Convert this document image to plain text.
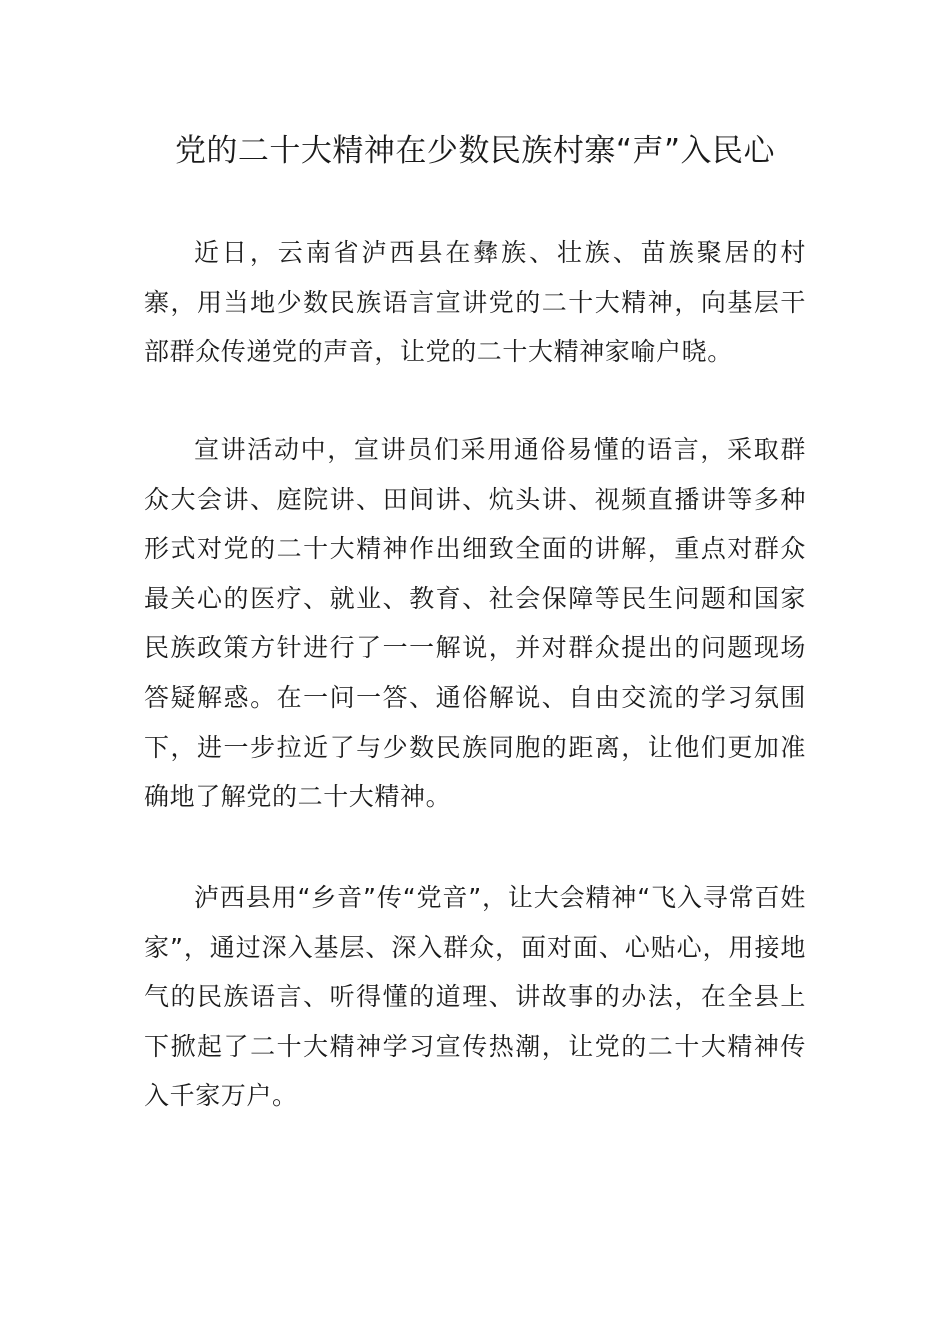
党的二十大精神在少数民族村寨“声”入民心

近日，云南省泸西县在彝族、壮族、苗族聚居的村寨，用当地少数民族语言宣讲党的二十大精神，向基层干部群众传递党的声音，让党的二十大精神家喻户晓。

宣讲活动中，宣讲员们采用通俗易懂的语言，采取群众大会讲、庭院讲、田间讲、炕头讲、视频直播讲等多种形式对党的二十大精神作出细致全面的讲解，重点对群众最关心的医疗、就业、教育、社会保障等民生问题和国家民族政策方针进行了一一解说，并对群众提出的问题现场答疑解惑。在一问一答、通俗解说、自由交流的学习氛围下，进一步拉近了与少数民族同胞的距离，让他们更加准确地了解党的二十大精神。

泸西县用“乡音”传“党音”，让大会精神“飞入寻常百姓家”，通过深入基层、深入群众，面对面、心贴心，用接地气的民族语言、听得懂的道理、讲故事的办法，在全县上下掀起了二十大精神学习宣传热潮，让党的二十大精神传入千家万户。
